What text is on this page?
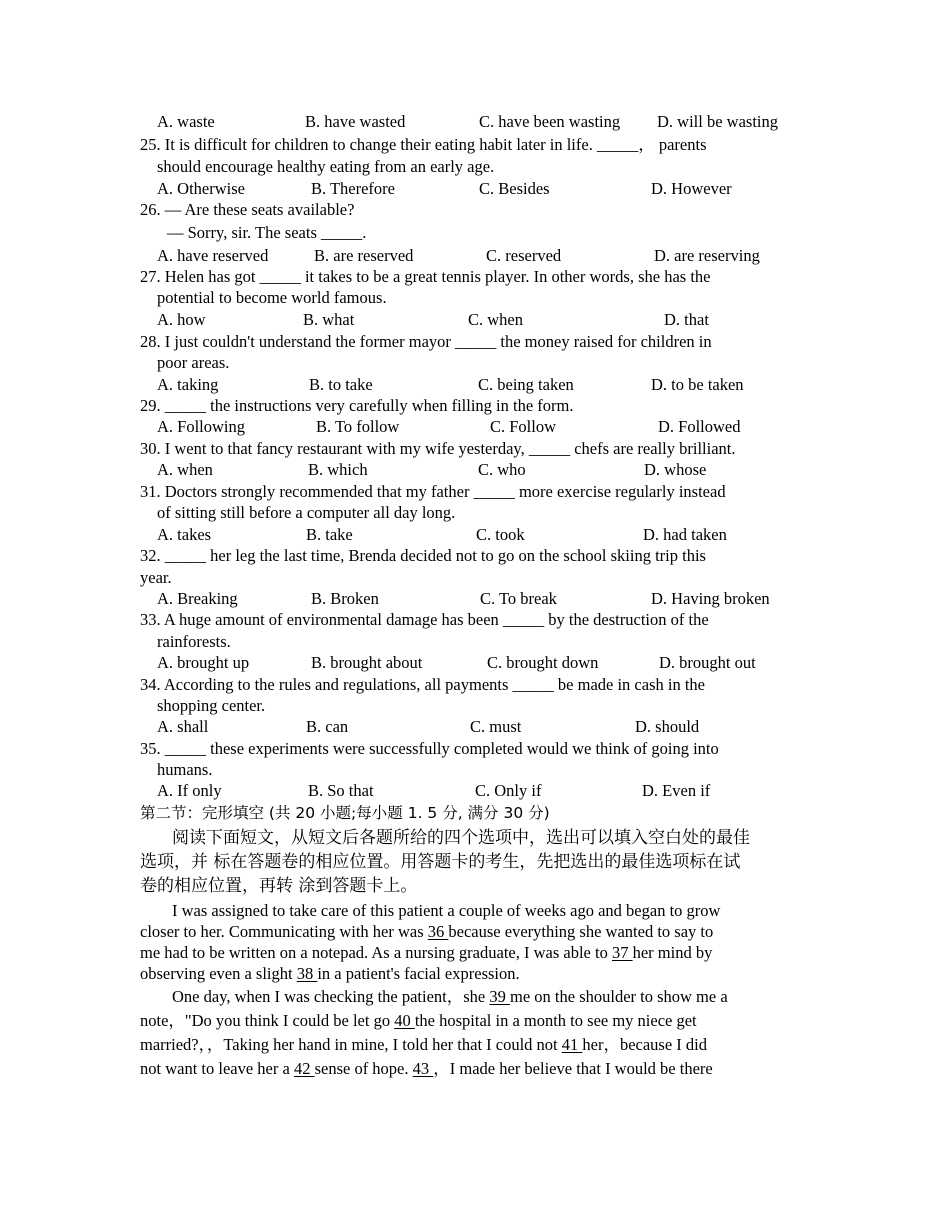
A. waste	B. have wasted	C. have been wasting D. will be wasting
25. It is difficult for children to change their eating habit later in life. _____， parents
should encourage healthy eating from an early age.
A. Otherwise	B. Therefore	C. Besides	D. However
26. — Are these seats available?
— Sorry, sir. The seats _____.
A. have reserved	B. are reserved	C. reserved	D. are reserving
27. Helen has got _____ it takes to be a great tennis player. In other words, she has the
potential to become world famous.
A. how	B. what	C. when	D. that
28. I just couldn't understand the former mayor _____ the money raised for children in
poor areas.
A. taking	B. to take	C. being taken	D. to be taken
29. _____ the instructions very carefully when filling in the form.
A. Following	B. To follow	C. Follow	D. Followed
30. I went to that fancy restaurant with my wife yesterday, _____ chefs are really brilliant.
A. when	B. which	C. who	D. whose
31. Doctors strongly recommended that my father _____ more exercise regularly instead
of sitting still before a computer all day long.
A. takes	B. take	C. took	D. had taken
32. _____ her leg the last time, Brenda decided not to go on the school skiing trip this
year.
A. Breaking	B. Broken	C. To break	D. Having broken
33. A huge amount of environmental damage has been _____ by the destruction of the
rainforests.
A. brought up	B. brought about	C. brought down	D. brought out
34. According to the rules and regulations, all payments _____ be made in cash in the
shopping center.
A. shall	B. can	C. must	D. should
35. _____ these experiments were successfully completed would we think of going into
humans.
A. If only	B. So that	C. Only if	D. Even if
第二节：完形填空 (共 20 小题;每小题 1. 5 分, 满分 30 分)
阅读下面短文，从短文后各题所给的四个选项中，选出可以填入空白处的最佳
选项，并 标在答题卷的相应位置。用答题卡的考生，先把选出的最佳选项标在试
卷的相应位置，再转 涂到答题卡上。
I was assigned to take care of this patient a couple of weeks ago and began to grow
closer to her. Communicating with her was 36 because everything she wanted to say to
me had to be written on a notepad. As a nursing graduate, I was able to 37 her mind by
observing even a slight 38 in a patient's facial expression.
One day, when I was checking the patient，she 39 me on the shoulder to show me a
note，"Do you think I could be let go 40 the hospital in a month to see my niece get
married?，，Taking her hand in mine, I told her that I could not 41 her，because I did
not want to leave her a 42 sense of hope. 43 ，I made her believe that I would be there
